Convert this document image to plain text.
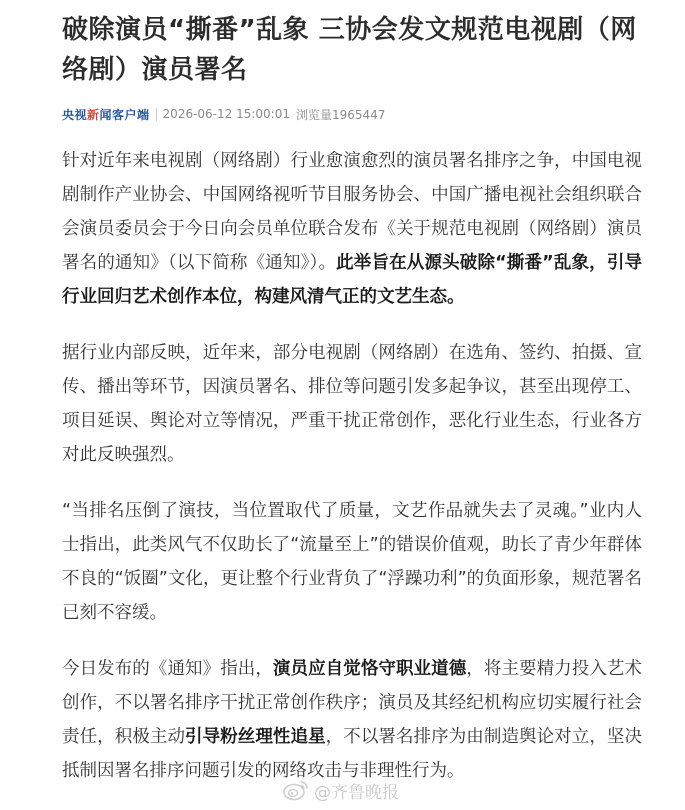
破除演员“撕番”乱象 三协会发文规范电视剧（网络剧）演员署名
央视 新 闻客户端 2026-06-12 15:00:01 浏览量1965447

针对近年来电视剧（网络剧）行业愈演愈烈的演员署名排序之争，中国电视剧制作产业协会、中国网络视听节目服务协会、中国广播电视社会组织联合会演员委员会于今日向会员单位联合发布《关于规范电视剧（网络剧）演员署名的通知》（以下简称《通知》）。此举旨在从源头破除“撕番”乱象，引导行业回归艺术创作本位，构建风清气正的文艺生态。

据行业内部反映，近年来，部分电视剧（网络剧）在选角、签约、拍摄、宣传、播出等环节，因演员署名、排位等问题引发多起争议，甚至出现停工、项目延误、舆论对立等情况，严重干扰正常创作，恶化行业生态，行业各方对此反映强烈。

“当排名压倒了演技，当位置取代了质量，文艺作品就失去了灵魂。”业内人士指出，此类风气不仅助长了“流量至上”的错误价值观，助长了青少年群体不良的“饭圈”文化，更让整个行业背负了“浮躁功利”的负面形象，规范署名已刻不容缓。

今日发布的《通知》指出，演员应自觉恪守职业道德，将主要精力投入艺术创作，不以署名排序干扰正常创作秩序；演员及其经纪机构应切实履行社会责任，积极主动引导粉丝理性追星，不以署名排序为由制造舆论对立，坚决抵制因署名排序问题引发的网络攻击与非理性行为。

@齐鲁晚报
